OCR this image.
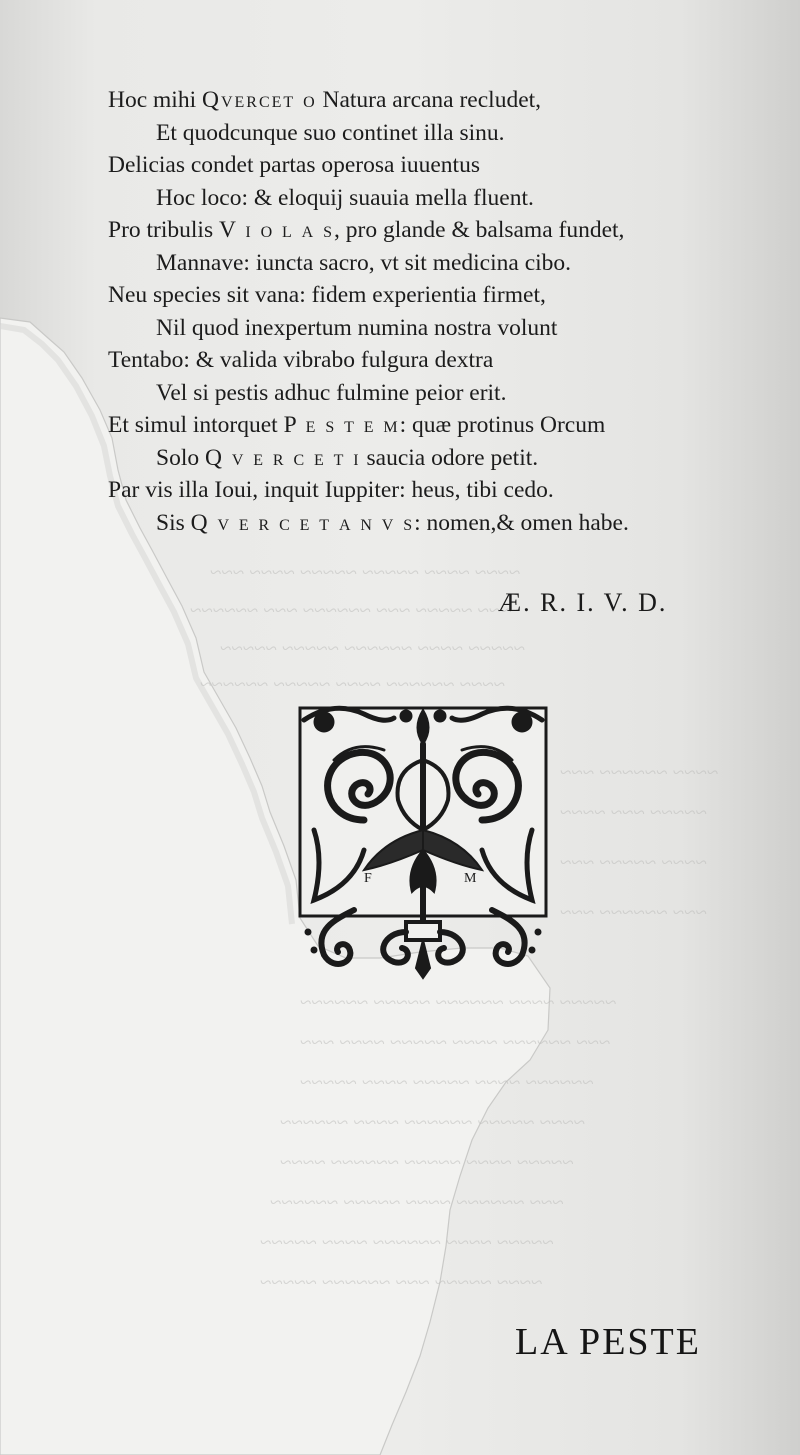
~~~~ ~~~~ ~~~~~ ~~~~~ ~~~~ ~~~
~~~ ~~~~~ ~~~ ~~~~~~ ~~~ ~~~~~~
~~~~~ ~~~~ ~~~~~~ ~~~~~ ~~~~~
~~~~ ~~~~~~ ~~~~ ~~~~~ ~~~~~~
~~~~ ~~~~~~ ~~~
~~~~~ ~~~ ~~~~
~~~~ ~~~~~ ~~~
~~~ ~~~~~~ ~~~
~~~~~ ~~~~ ~~~~~~ ~~~~~ ~~~~~~
~~~ ~~~~~~ ~~~~ ~~~~~ ~~~~ ~~~
~~~~~~ ~~~~ ~~~~~ ~~~~ ~~~~~
~~~~ ~~~~~ ~~~~~~ ~~~~ ~~~~~~
~~~~~ ~~~~ ~~~~~ ~~~~~~ ~~~~
~~~ ~~~~~~ ~~~~ ~~~~~ ~~~~~~
~~~~~ ~~~~ ~~~~~~ ~~~~ ~~~~~
~~~~ ~~~~~ ~~~ ~~~~~~ ~~~~~
Hoc mihi Qvercet o Natura arcana recludet,
Et quodcunque suo continet illa sinu.
Delicias condet partas operosa iuuentus
Hoc loco: & eloquij suauia mella fluent.
Pro tribulis V i o l a s, pro glande & balsama fundet,
Mannave: iuncta sacro, vt sit medicina cibo.
Neu species sit vana: fidem experientia firmet,
Nil quod inexpertum numina nostra volunt
Tentabo: & valida vibrabo fulgura dextra
Vel si pestis adhuc fulmine peior erit.
Et simul intorquet P e s t e m: quæ protinus Orcum
Solo Q v e r c e t i saucia odore petit.
Par vis illa Ioui, inquit Iuppiter: heus, tibi cedo.
Sis Q v e r c e t a n v s: nomen,& omen habe.
Æ. R. I. V. D.
F	M
LA PESTE
